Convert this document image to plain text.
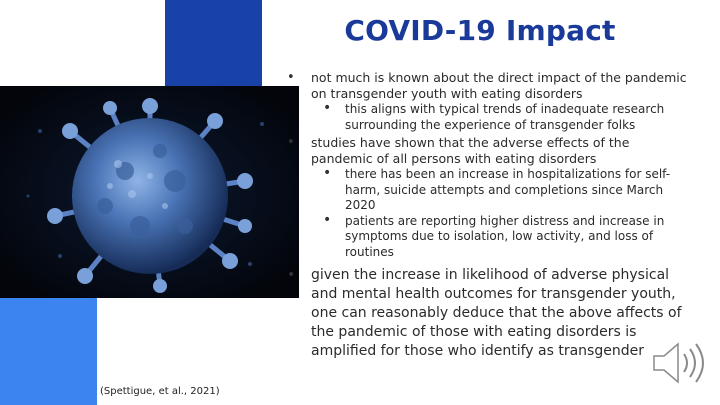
COVID-19 Impact
• not much is known about the direct impact of the pandemic on transgender youth with eating disorders
• this aligns with typical trends of inadequate research surrounding the experience of transgender folks
• studies have shown that the adverse effects of the pandemic of all persons with eating disorders
• there has been an increase in hospitalizations for self-harm, suicide attempts and completions since March 2020
• patients are reporting higher distress and increase in symptoms due to isolation, low activity, and loss of routines
• given the increase in likelihood of adverse physical and mental health outcomes for transgender youth, one can reasonably deduce that the above affects of the pandemic of those with eating disorders is amplified for those who identify as transgender
(Spettigue, et al., 2021)
